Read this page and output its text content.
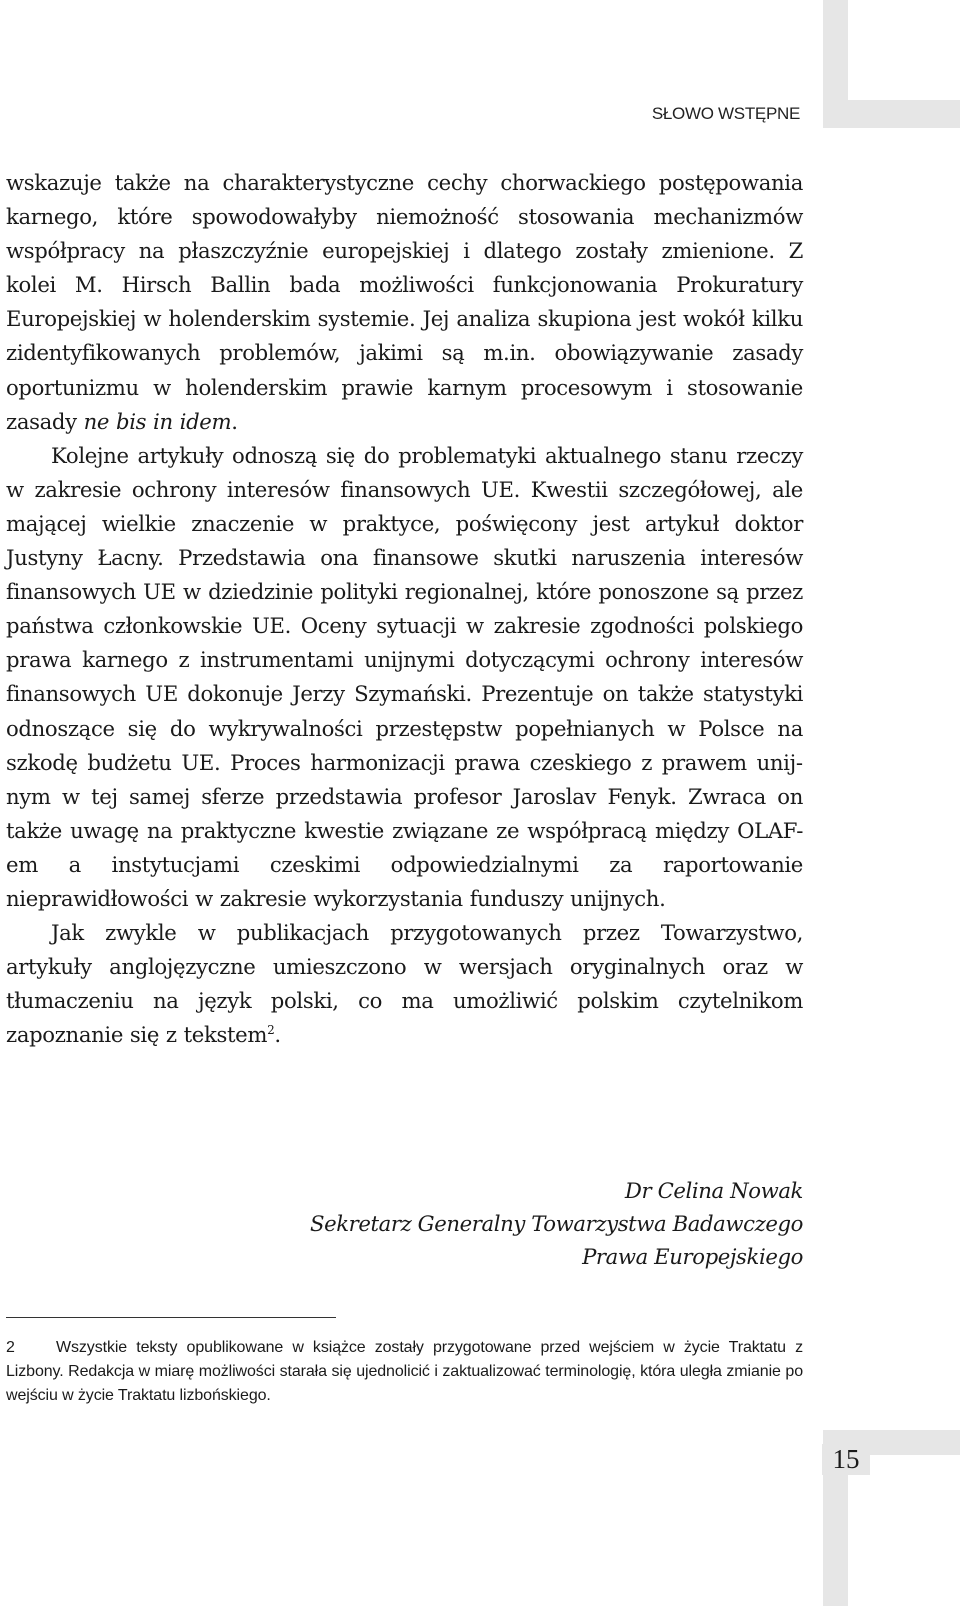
SŁOWO WSTĘPNE

wskazuje także na charakterystyczne cechy chorwackiego postępowania karnego, które spowodowałyby niemożność stosowania mechanizmów współpracy na płaszczyźnie europejskiej i dlatego zostały zmienione. Z kolei M. Hirsch Ballin bada możliwości funkcjonowania Prokuratury Europejskiej w holenderskim systemie. Jej analiza skupiona jest wokół kilku zidentyfikowanych problemów, jakimi są m.in. obowiązywanie zasady oportunizmu w holenderskim prawie karnym procesowym i stosowanie zasady ne bis in idem.

Kolejne artykuły odnoszą się do problematyki aktualnego stanu rzeczy w zakresie ochrony interesów finansowych UE. Kwestii szczegółowej, ale mającej wielkie znaczenie w praktyce, poświęcony jest artykuł doktor Justyny Łacny. Przedstawia ona finansowe skutki naruszenia interesów finansowych UE w dziedzinie polityki regionalnej, które ponoszone są przez państwa członkowskie UE. Oceny sytuacji w zakresie zgodności polskiego prawa karnego z instrumentami unijnymi dotyczącymi ochrony interesów finansowych UE dokonuje Jerzy Szymański. Prezentuje on także statystyki odnoszące się do wykrywalności przestępstw popełnianych w Polsce na szkodę budżetu UE. Proces harmonizacji prawa czeskiego z prawem unijnym w tej samej sferze przedstawia profesor Jaroslav Fenyk. Zwraca on także uwagę na praktyczne kwestie związane ze współpracą między OLAF-em a instytucjami czeskimi odpowiedzialnymi za raportowanie nieprawidłowości w zakresie wykorzystania funduszy unijnych.

Jak zwykle w publikacjach przygotowanych przez Towarzystwo, artykuły anglojęzyczne umieszczono w wersjach oryginalnych oraz w tłumaczeniu na język polski, co ma umożliwić polskim czytelnikom zapoznanie się z tekstem$^2$.

Dr Celina Nowak
Sekretarz Generalny Towarzystwa Badawczego
Prawa Europejskiego
2	Wszystkie teksty opublikowane w książce zostały przygotowane przed wejściem w życie Traktatu z Lizbony. Redakcja w miarę możliwości starała się ujednolicić i zaktualizować terminologię, która uległa zmianie po wejściu w życie Traktatu lizbońskiego.
15
